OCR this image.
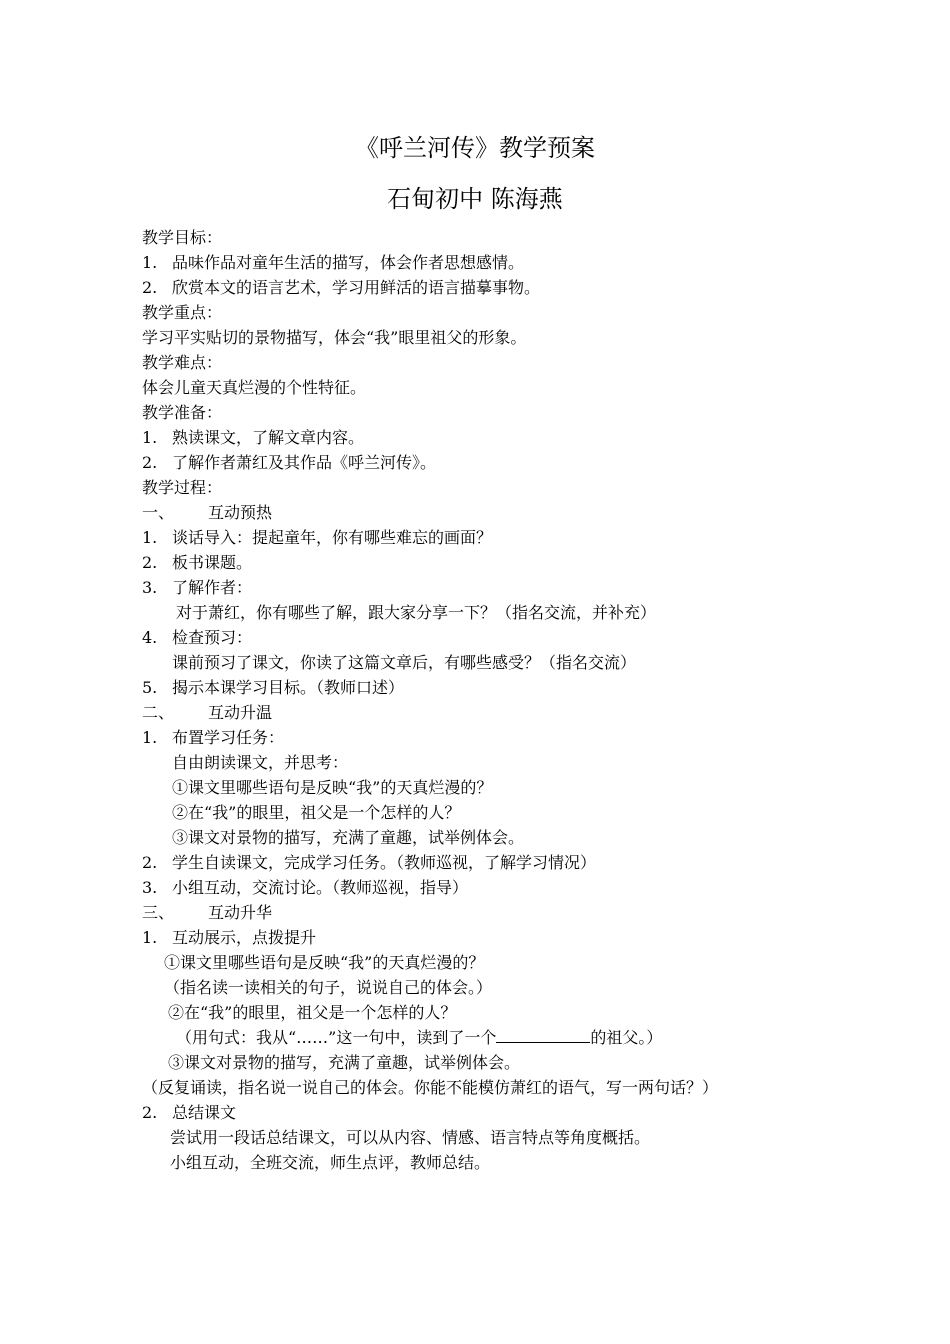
《呼兰河传》教学预案
石甸初中 陈海燕
教学目标：
1. 品味作品对童年生活的描写，体会作者思想感情。
2. 欣赏本文的语言艺术，学习用鲜活的语言描摹事物。
教学重点：
学习平实贴切的景物描写，体会“我”眼里祖父的形象。
教学难点：
体会儿童天真烂漫的个性特征。
教学准备：
1. 熟读课文，了解文章内容。
2. 了解作者萧红及其作品《呼兰河传》。
教学过程：
一、 互动预热
1. 谈话导入：提起童年，你有哪些难忘的画面？
2. 板书课题。
3. 了解作者：
对于萧红，你有哪些了解，跟大家分享一下？（指名交流，并补充）
4. 检查预习：
课前预习了课文，你读了这篇文章后，有哪些感受？（指名交流）
5. 揭示本课学习目标。（教师口述）
二、 互动升温
1. 布置学习任务：
自由朗读课文，并思考：
①课文里哪些语句是反映“我”的天真烂漫的？
②在“我”的眼里，祖父是一个怎样的人？
③课文对景物的描写，充满了童趣，试举例体会。
2. 学生自读课文，完成学习任务。（教师巡视，了解学习情况）
3. 小组互动，交流讨论。（教师巡视，指导）
三、 互动升华
1. 互动展示，点拨提升
①课文里哪些语句是反映“我”的天真烂漫的？
（指名读一读相关的句子，说说自己的体会。）
②在“我”的眼里，祖父是一个怎样的人？
（用句式：我从“……”这一句中，读到了一个	的祖父。）
③课文对景物的描写，充满了童趣，试举例体会。
（反复诵读，指名说一说自己的体会。你能不能模仿萧红的语气，写一两句话？）
2. 总结课文
尝试用一段话总结课文，可以从内容、情感、语言特点等角度概括。
小组互动，全班交流，师生点评，教师总结。
